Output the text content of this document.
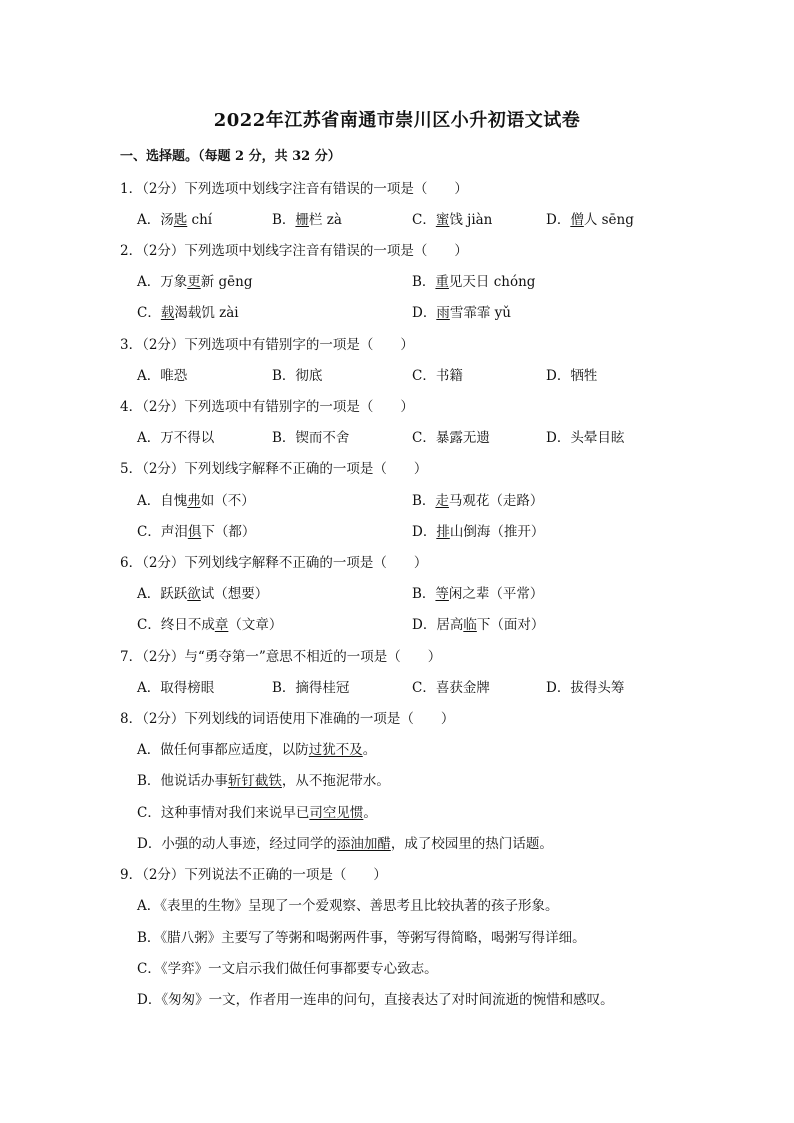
2022年江苏省南通市崇川区小升初语文试卷
一、选择题。（每题 2 分，共 32 分）
1．（2分）下列选项中划线字注音有错误的一项是（　　）
A．汤匙 chí	B．栅栏 zà	C．蜜饯 jiàn	D．僧人 sēng
2．（2分）下列选项中划线字注音有错误的一项是（　　）
A．万象更新 gēng	B．重见天日 chóng
C．载渴载饥 zài	D．雨雪霏霏 yǔ
3．（2分）下列选项中有错别字的一项是（　　）
A．唯恐	B．彻底	C．书籍	D．牺牲
4．（2分）下列选项中有错别字的一项是（　　）
A．万不得以	B．锲而不舍	C．暴露无遗	D．头晕目眩
5．（2分）下列划线字解释不正确的一项是（　　）
A．自愧弗如（不）	B．走马观花（走路）
C．声泪俱下（都）	D．排山倒海（推开）
6．（2分）下列划线字解释不正确的一项是（　　）
A．跃跃欲试（想要）	B．等闲之辈（平常）
C．终日不成章（文章）	D．居高临下（面对）
7．（2分）与“勇夺第一”意思不相近的一项是（　　）
A．取得榜眼	B．摘得桂冠	C．喜获金牌	D．拔得头筹
8．（2分）下列划线的词语使用下准确的一项是（　　）
A．做任何事都应适度，以防过犹不及。
B．他说话办事斩钉截铁，从不拖泥带水。
C．这种事情对我们来说早已司空见惯。
D．小强的动人事迹，经过同学的添油加醋，成了校园里的热门话题。
9．（2分）下列说法不正确的一项是（　　）
A．《表里的生物》呈现了一个爱观察、善思考且比较执著的孩子形象。
B．《腊八粥》主要写了等粥和喝粥两件事，等粥写得简略，喝粥写得详细。
C．《学弈》一文启示我们做任何事都要专心致志。
D．《匆匆》一文，作者用一连串的问句，直接表达了对时间流逝的惋惜和感叹。
